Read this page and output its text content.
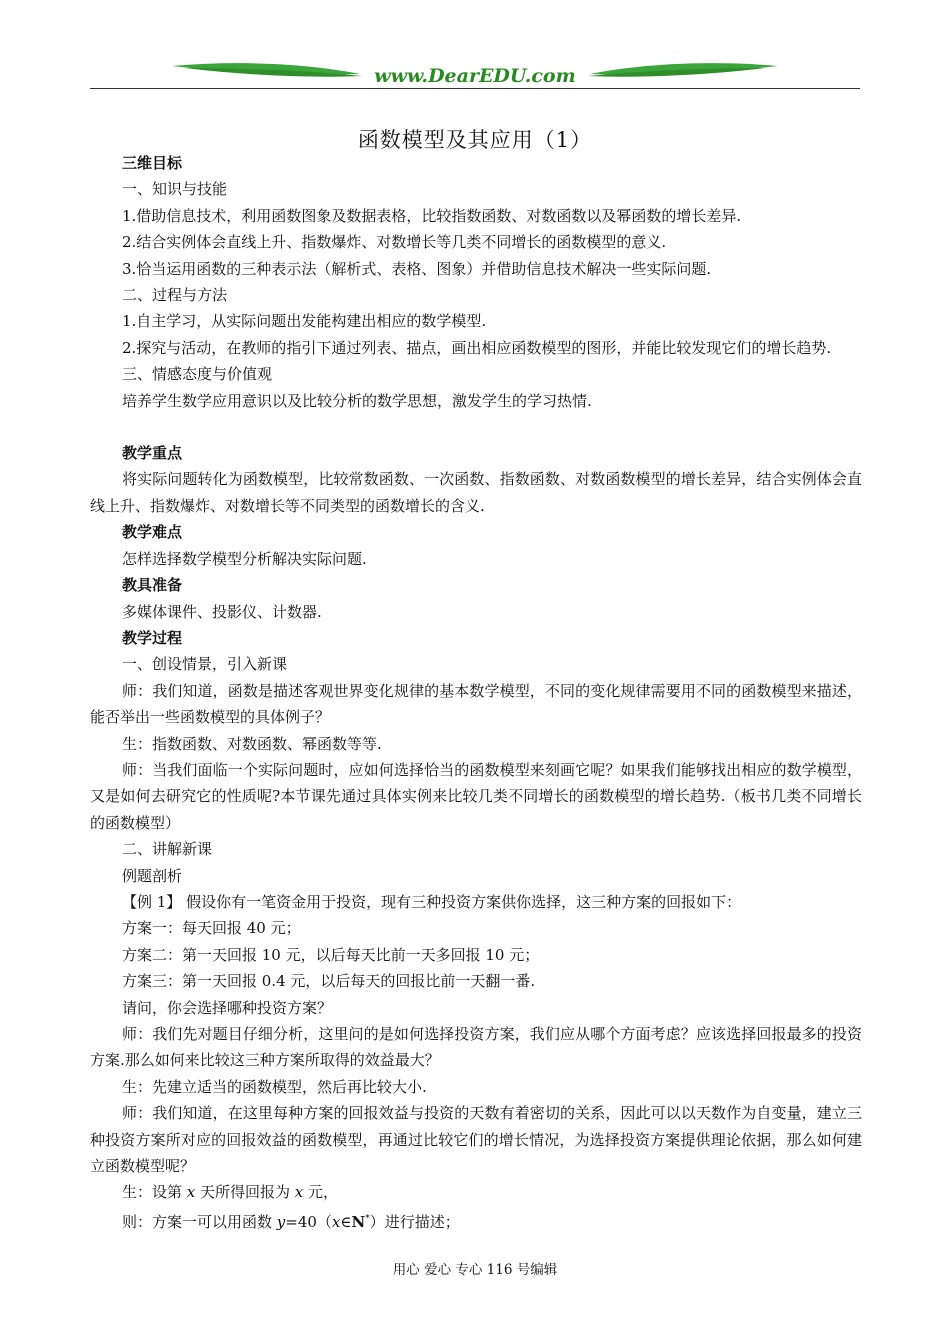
www.DearEDU.com
函数模型及其应用（1）

三维目标

一、知识与技能

1.借助信息技术，利用函数图象及数据表格，比较指数函数、对数函数以及幂函数的增长差异.

2.结合实例体会直线上升、指数爆炸、对数增长等几类不同增长的函数模型的意义.

3.恰当运用函数的三种表示法（解析式、表格、图象）并借助信息技术解决一些实际问题.

二、过程与方法

1.自主学习，从实际问题出发能构建出相应的数学模型.

2.探究与活动，在教师的指引下通过列表、描点，画出相应函数模型的图形，并能比较发现它们的增长趋势.

三、情感态度与价值观

培养学生数学应用意识以及比较分析的数学思想，激发学生的学习热情.

教学重点

将实际问题转化为函数模型，比较常数函数、一次函数、指数函数、对数函数模型的增长差异，结合实例体会直线上升、指数爆炸、对数增长等不同类型的函数增长的含义.

教学难点

怎样选择数学模型分析解决实际问题.

教具准备

多媒体课件、投影仪、计数器.

教学过程

一、创设情景，引入新课

师：我们知道，函数是描述客观世界变化规律的基本数学模型，不同的变化规律需要用不同的函数模型来描述，能否举出一些函数模型的具体例子？

生：指数函数、对数函数、幂函数等等.

师：当我们面临一个实际问题时，应如何选择恰当的函数模型来刻画它呢？如果我们能够找出相应的数学模型，又是如何去研究它的性质呢?本节课先通过具体实例来比较几类不同增长的函数模型的增长趋势.（板书几类不同增长的函数模型）

二、讲解新课

例题剖析

【例 1】 假设你有一笔资金用于投资，现有三种投资方案供你选择，这三种方案的回报如下：

方案一：每天回报 40 元；

方案二：第一天回报 10 元，以后每天比前一天多回报 10 元；

方案三：第一天回报 0.4 元，以后每天的回报比前一天翻一番.

请问，你会选择哪种投资方案？

师：我们先对题目仔细分析，这里问的是如何选择投资方案，我们应从哪个方面考虑？应该选择回报最多的投资方案.那么如何来比较这三种方案所取得的效益最大？

生：先建立适当的函数模型，然后再比较大小.

师：我们知道，在这里每种方案的回报效益与投资的天数有着密切的关系，因此可以以天数作为自变量，建立三种投资方案所对应的回报效益的函数模型，再通过比较它们的增长情况，为选择投资方案提供理论依据，那么如何建立函数模型呢？

生：设第 x 天所得回报为 x 元，

则：方案一可以用函数 y=40（x∈N*）进行描述；

用心 爱心 专心 116 号编辑
